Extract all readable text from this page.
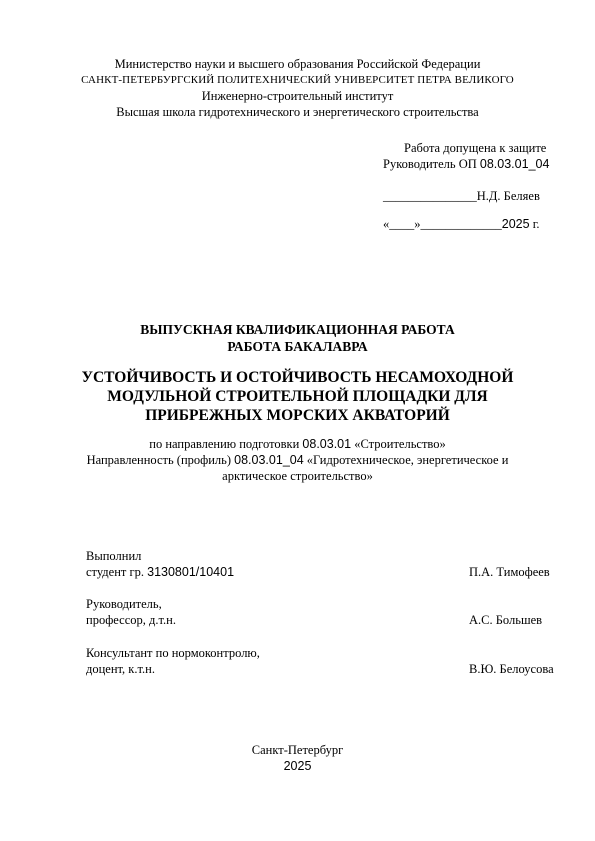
Министерство науки и высшего образования Российской Федерации
САНКТ-ПЕТЕРБУРГСКИЙ ПОЛИТЕХНИЧЕСКИЙ УНИВЕРСИТЕТ ПЕТРА ВЕЛИКОГО
Инженерно-строительный институт
Высшая школа гидротехнического и энергетического строительства
Работа допущена к защите
Руководитель ОП 08.03.01_04
_______________Н.Д. Беляев
«____»_____________2025 г.
ВЫПУСКНАЯ КВАЛИФИКАЦИОННАЯ РАБОТА
РАБОТА БАКАЛАВРА
УСТОЙЧИВОСТЬ И ОСТОЙЧИВОСТЬ НЕСАМОХОДНОЙ
МОДУЛЬНОЙ СТРОИТЕЛЬНОЙ ПЛОЩАДКИ ДЛЯ
ПРИБРЕЖНЫХ МОРСКИХ АКВАТОРИЙ
по направлению подготовки 08.03.01 «Строительство»
Направленность (профиль) 08.03.01_04 «Гидротехническое, энергетическое и
арктическое строительство»
Выполнил
студент гр. 3130801/10401	П.А. Тимофеев
Руководитель,
профессор, д.т.н.	А.С. Большев
Консультант по нормоконтролю,
доцент, к.т.н.	В.Ю. Белоусова
Санкт-Петербург
2025
